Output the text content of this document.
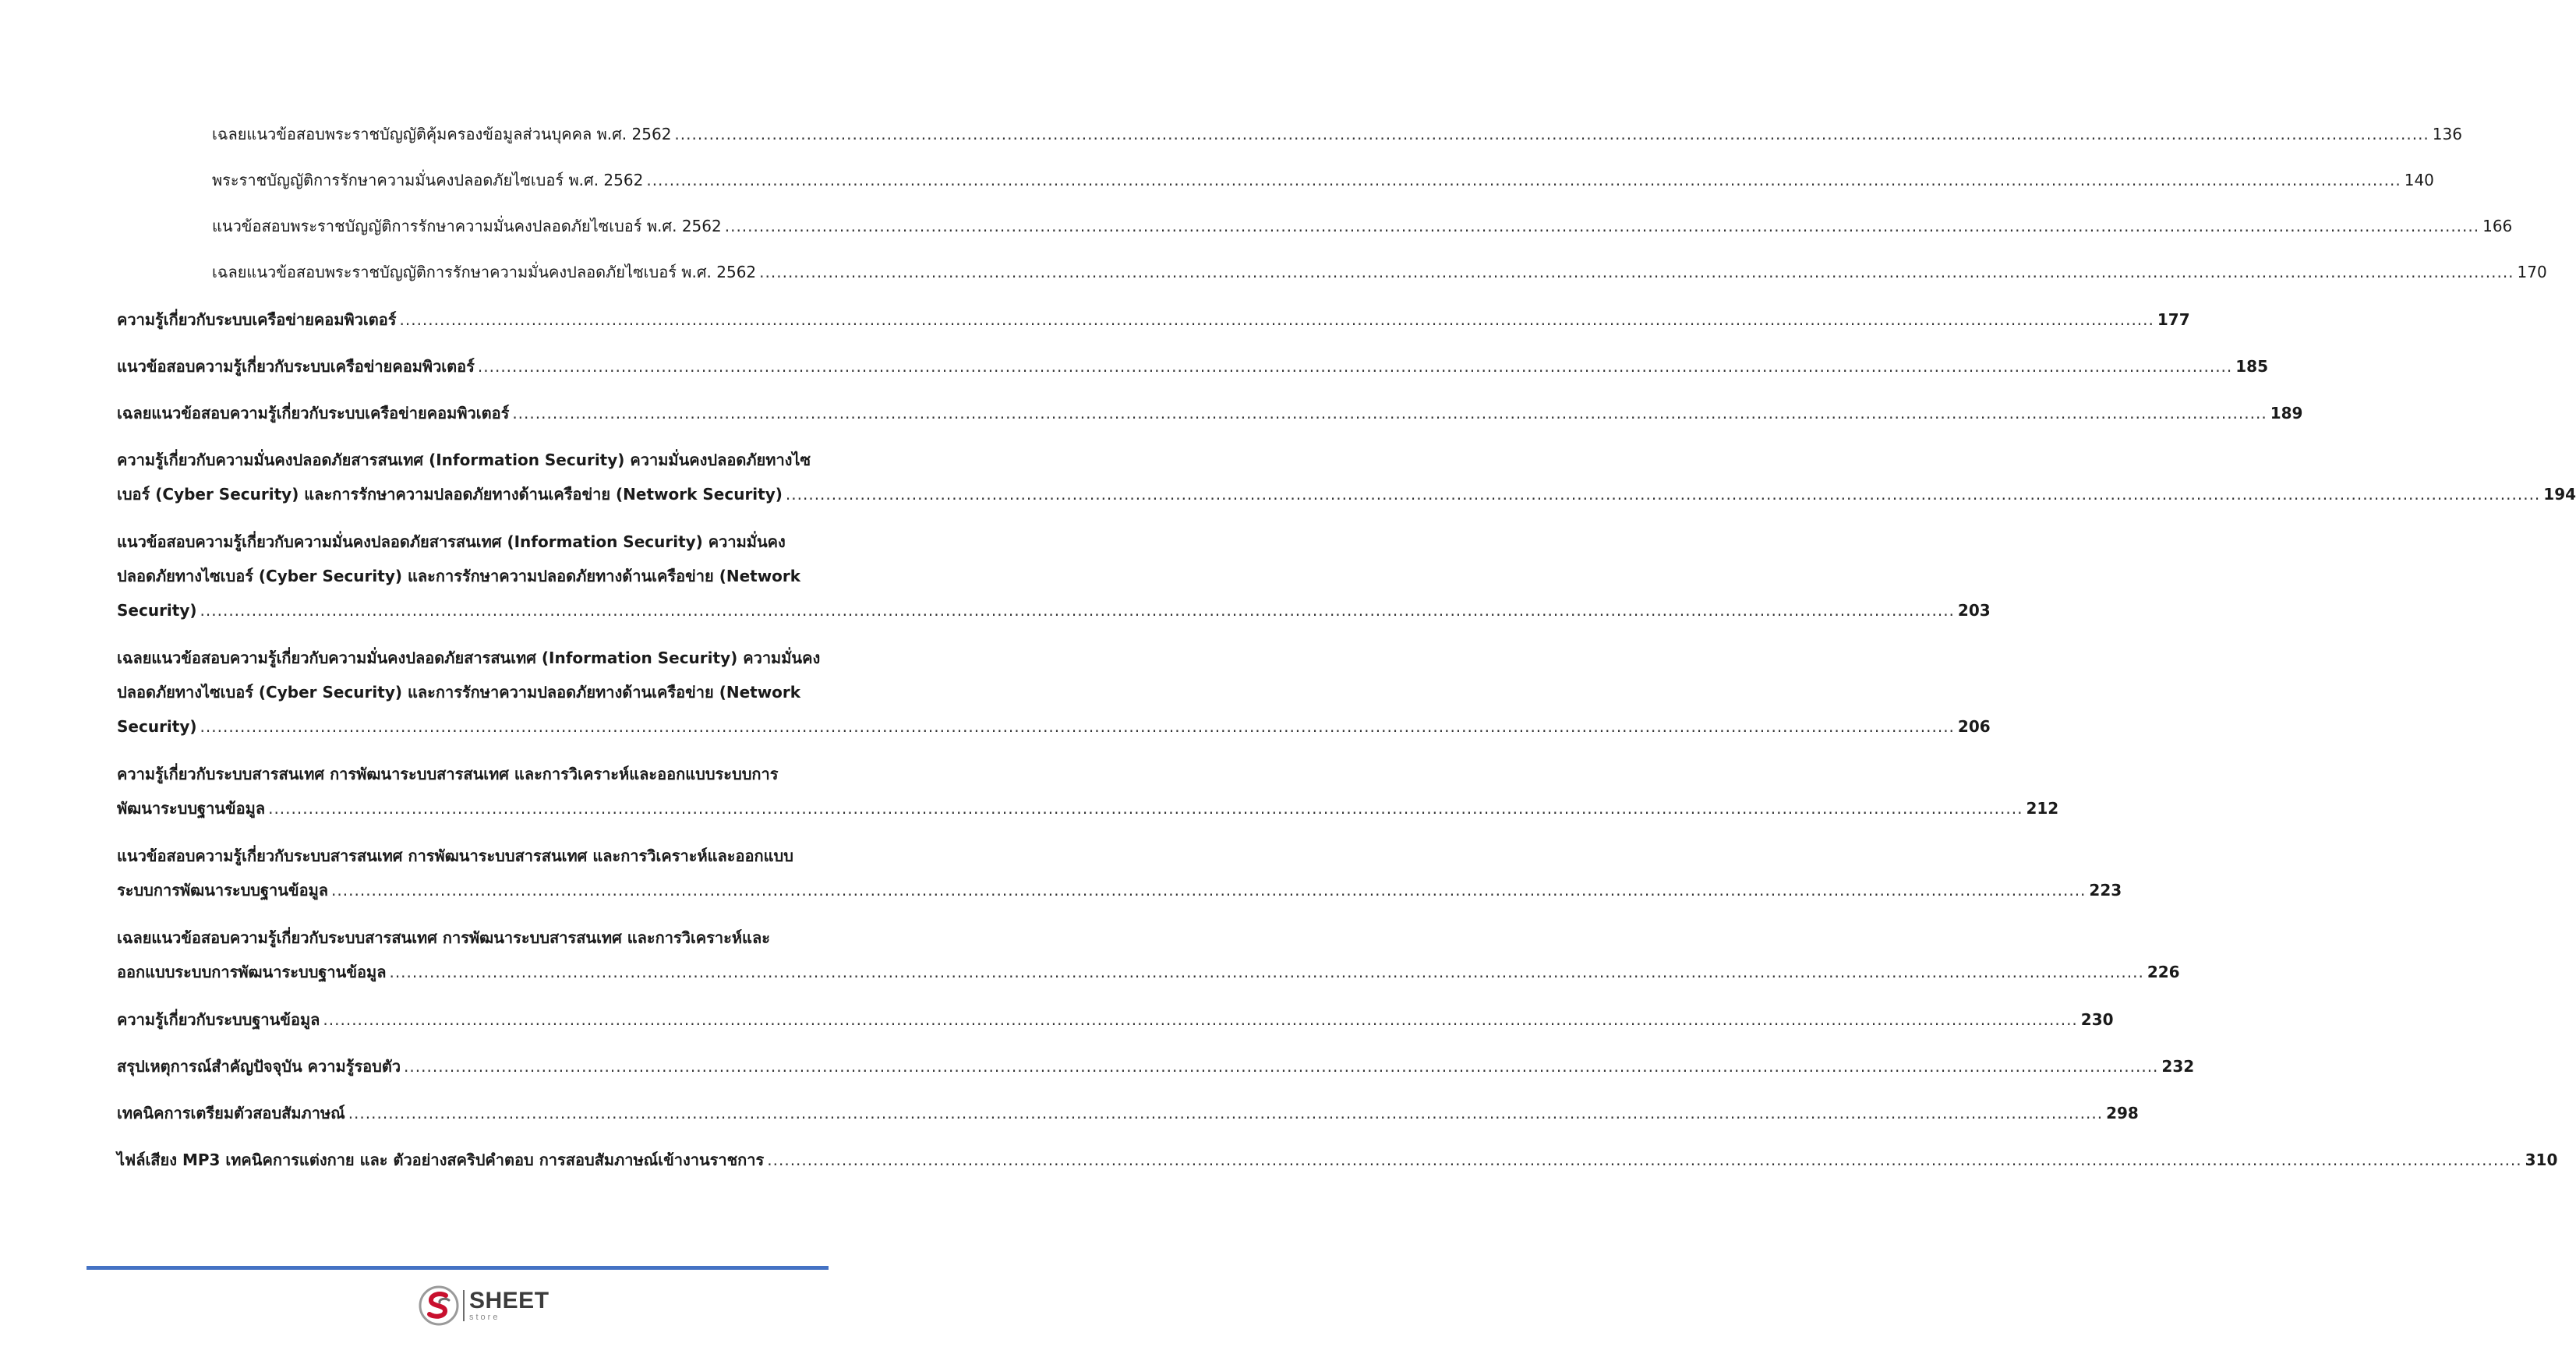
เฉลยแนวข้อสอบพระราชบัญญัติคุ้มครองข้อมูลส่วนบุคคล พ.ศ. 2562 .....	136
พระราชบัญญัติการรักษาความมั่นคงปลอดภัยไซเบอร์ พ.ศ. 2562 .....	140
แนวข้อสอบพระราชบัญญัติการรักษาความมั่นคงปลอดภัยไซเบอร์ พ.ศ. 2562 .....	166
เฉลยแนวข้อสอบพระราชบัญญัติการรักษาความมั่นคงปลอดภัยไซเบอร์ พ.ศ. 2562 .....	170
ความรู้เกี่ยวกับระบบเครือข่ายคอมพิวเตอร์ .....	177
แนวข้อสอบความรู้เกี่ยวกับระบบเครือข่ายคอมพิวเตอร์ .....	185
เฉลยแนวข้อสอบความรู้เกี่ยวกับระบบเครือข่ายคอมพิวเตอร์ .....	189
ความรู้เกี่ยวกับความมั่นคงปลอดภัยสารสนเทศ (Information Security) ความมั่นคงปลอดภัยทางไซ
เบอร์ (Cyber Security) และการรักษาความปลอดภัยทางด้านเครือข่าย (Network Security) .....	194
แนวข้อสอบความรู้เกี่ยวกับความมั่นคงปลอดภัยสารสนเทศ (Information Security) ความมั่นคง
ปลอดภัยทางไซเบอร์ (Cyber Security) และการรักษาความปลอดภัยทางด้านเครือข่าย (Network
Security) .....	203
เฉลยแนวข้อสอบความรู้เกี่ยวกับความมั่นคงปลอดภัยสารสนเทศ (Information Security) ความมั่นคง
ปลอดภัยทางไซเบอร์ (Cyber Security) และการรักษาความปลอดภัยทางด้านเครือข่าย (Network
Security) .....	206
ความรู้เกี่ยวกับระบบสารสนเทศ การพัฒนาระบบสารสนเทศ และการวิเคราะห์และออกแบบระบบการ
พัฒนาระบบฐานข้อมูล .....	212
แนวข้อสอบความรู้เกี่ยวกับระบบสารสนเทศ การพัฒนาระบบสารสนเทศ และการวิเคราะห์และออกแบบ
ระบบการพัฒนาระบบฐานข้อมูล .....	223
เฉลยแนวข้อสอบความรู้เกี่ยวกับระบบสารสนเทศ การพัฒนาระบบสารสนเทศ และการวิเคราะห์และ
ออกแบบระบบการพัฒนาระบบฐานข้อมูล .....	226
ความรู้เกี่ยวกับระบบฐานข้อมูล .....	230
สรุปเหตุการณ์สำคัญปัจจุบัน ความรู้รอบตัว .....	232
เทคนิคการเตรียมตัวสอบสัมภาษณ์ .....	298
ไฟล์เสียง MP3 เทคนิคการแต่งกาย และ ตัวอย่างสคริปคำตอบ การสอบสัมภาษณ์เข้างานราชการ .....	310
SHEET
store
